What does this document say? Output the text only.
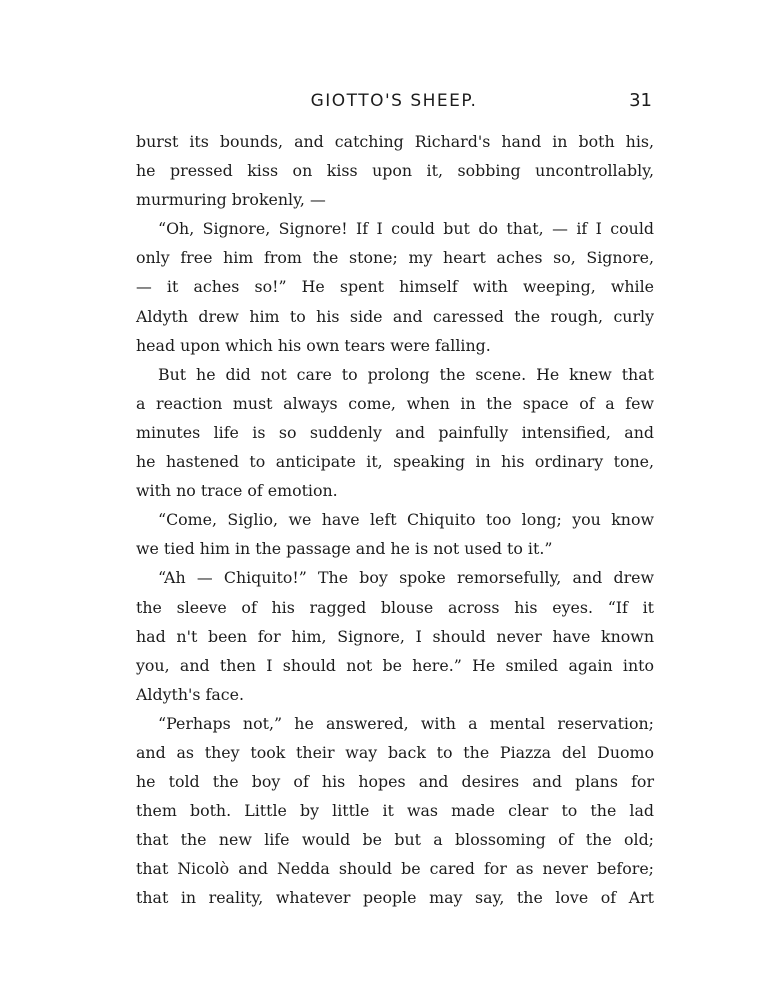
GIOTTO'S SHEEP.	31
burst its bounds, and catching Richard's hand in both his,
he pressed kiss on kiss upon it, sobbing uncontrollably,
murmuring brokenly, —
“Oh, Signore, Signore! If I could but do that, — if I could
only free him from the stone; my heart aches so, Signore,
— it aches so!” He spent himself with weeping, while
Aldyth drew him to his side and caressed the rough, curly
head upon which his own tears were falling.
But he did not care to prolong the scene. He knew that
a reaction must always come, when in the space of a few
minutes life is so suddenly and painfully intensified, and
he hastened to anticipate it, speaking in his ordinary tone,
with no trace of emotion.
“Come, Siglio, we have left Chiquito too long; you know
we tied him in the passage and he is not used to it.”
“Ah — Chiquito!” The boy spoke remorsefully, and drew
the sleeve of his ragged blouse across his eyes. “If it
had n't been for him, Signore, I should never have known
you, and then I should not be here.” He smiled again into
Aldyth's face.
“Perhaps not,” he answered, with a mental reservation;
and as they took their way back to the Piazza del Duomo
he told the boy of his hopes and desires and plans for
them both. Little by little it was made clear to the lad
that the new life would be but a blossoming of the old;
that Nicolò and Nedda should be cared for as never before;
that in reality, whatever people may say, the love of Art
